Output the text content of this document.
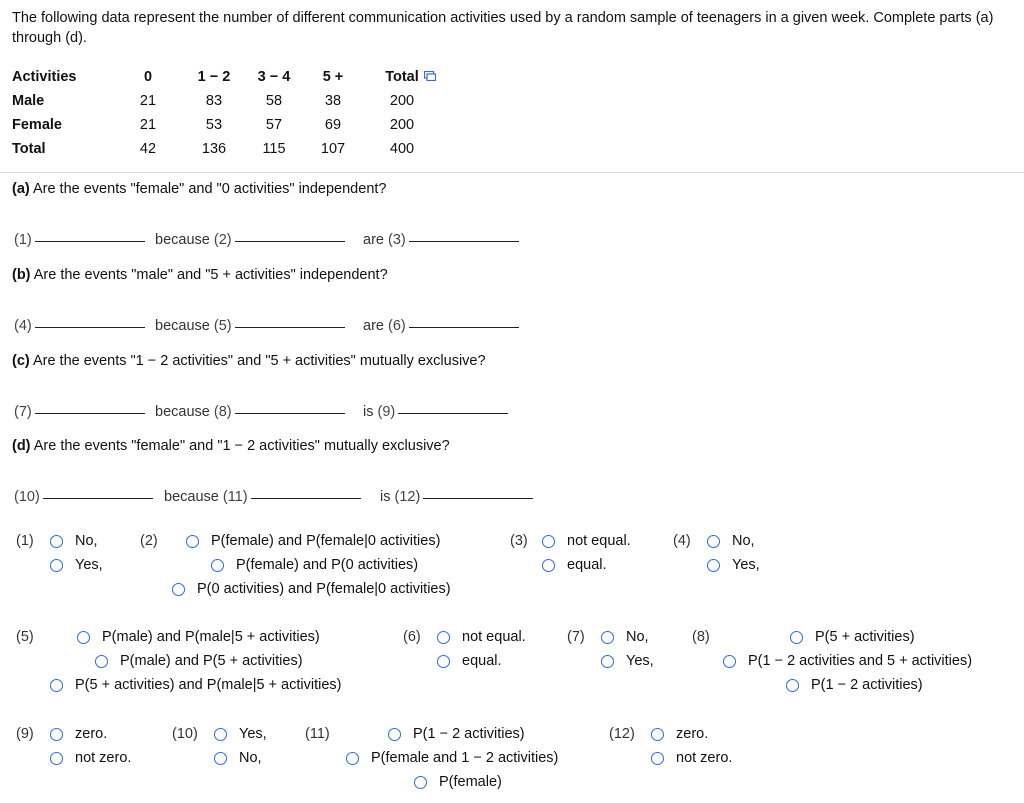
The following data represent the number of different communication activities used by a random sample of teenagers in a given week. Complete parts (a) through (d).
Activities	0	1 − 2	3 − 4	5 +	Total
Male	21	83	58	38	200
Female	21	53	57	69	200
Total	42	136	115	107	400
(a) Are the events "female" and "0 activities" independent?
(1)	because (2)	are (3)
(b) Are the events "male" and "5 + activities" independent?
(4)	because (5)	are (6)
(c) Are the events "1 − 2 activities" and "5 + activities" mutually exclusive?
(7)	because (8)	is (9)
(d) Are the events "female" and "1 − 2 activities" mutually exclusive?
(10)	because (11)	is (12)
(1)	No,
Yes,
(2)	P(female) and P(female|0 activities)
P(female) and P(0 activities)
P(0 activities) and P(female|0 activities)
(3)	not equal.
equal.
(4)	No,
Yes,
(5)	P(male) and P(male|5 + activities)
P(male) and P(5 + activities)
P(5 + activities) and P(male|5 + activities)
(6)	not equal.
equal.
(7)	No,
Yes,
(8)	P(5 + activities)
P(1 − 2 activities and 5 + activities)
P(1 − 2 activities)
(9)	zero.
not zero.
(10)	Yes,
No,
(11)	P(1 − 2 activities)
P(female and 1 − 2 activities)
P(female)
(12)	zero.
not zero.
